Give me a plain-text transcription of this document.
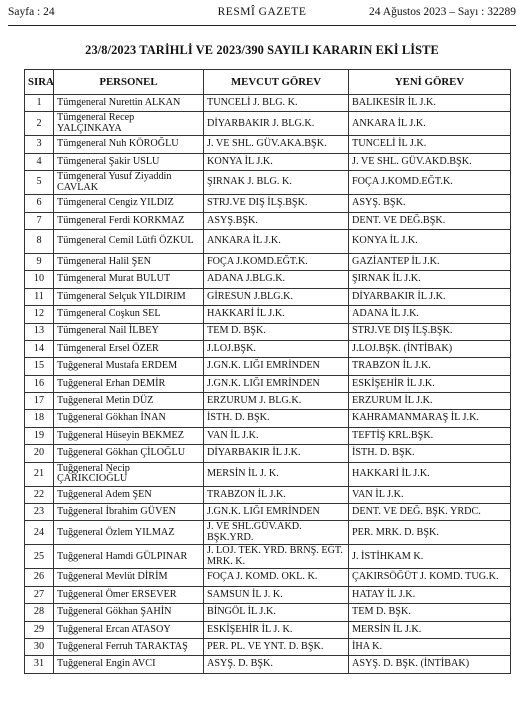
Sayfa : 24	RESMÎ GAZETE	24 Ağustos 2023 – Sayı : 32289
23/8/2023 TARİHLİ VE 2023/390 SAYILI KARARIN EKİ LİSTE
SIRA	PERSONEL	MEVCUT GÖREV	YENİ GÖREV
1	Tümgeneral Nurettin ALKAN	TUNCELİ J. BLG. K.	BALIKESİR İL J.K.
2	Tümgeneral Recep YALÇINKAYA	DİYARBAKIR J. BLG.K.	ANKARA İL J.K.
3	Tümgeneral Nuh KÖROĞLU	J. VE SHL. GÜV.AKA.BŞK.	TUNCELİ İL J.K.
4	Tümgeneral Şakir USLU	KONYA İL J.K.	J. VE SHL. GÜV.AKD.BŞK.
5	Tümgeneral Yusuf Ziyaddin CAVLAK	ŞIRNAK J. BLG. K.	FOÇA J.KOMD.EĞT.K.
6	Tümgeneral Cengiz YILDIZ	STRJ.VE DIŞ İLŞ.BŞK.	ASYŞ. BŞK.
7	Tümgeneral Ferdi KORKMAZ	ASYŞ.BŞK.	DENT. VE DEĞ.BŞK.
8	Tümgeneral Cemil Lütfi ÖZKUL	ANKARA İL J.K.	KONYA İL J.K.
9	Tümgeneral Halil ŞEN	FOÇA J.KOMD.EĞT.K.	GAZİANTEP İL J.K.
10	Tümgeneral Murat BULUT	ADANA J.BLG.K.	ŞIRNAK İL J.K.
11	Tümgeneral Selçuk YILDIRIM	GİRESUN J.BLG.K.	DİYARBAKIR İL J.K.
12	Tümgeneral Coşkun SEL	HAKKARİ İL J.K.	ADANA İL J.K.
13	Tümgeneral Nail İLBEY	TEM D. BŞK.	STRJ.VE DIŞ İLŞ.BŞK.
14	Tümgeneral Ersel ÖZER	J.LOJ.BŞK.	J.LOJ.BŞK. (İNTİBAK)
15	Tuğgeneral Mustafa ERDEM	J.GN.K. LIĞI EMRİNDEN	TRABZON İL J.K.
16	Tuğgeneral Erhan DEMİR	J.GN.K. LIĞI EMRİNDEN	ESKİŞEHİR İL J.K.
17	Tuğgeneral Metin DÜZ	ERZURUM J. BLG.K.	ERZURUM İL J.K.
18	Tuğgeneral Gökhan İNAN	İSTH. D. BŞK.	KAHRAMANMARAŞ İL J.K.
19	Tuğgeneral Hüseyin BEKMEZ	VAN İL J.K.	TEFTİŞ KRL.BŞK.
20	Tuğgeneral Gökhan ÇİLOĞLU	DİYARBAKIR İL J.K.	İSTH. D. BŞK.
21	Tuğgeneral Necip ÇARIKCIOĞLU	MERSİN İL J. K.	HAKKARİ İL J.K.
22	Tuğgeneral Adem ŞEN	TRABZON İL J.K.	VAN İL J.K.
23	Tuğgeneral İbrahim GÜVEN	J.GN.K. LIĞI EMRİNDEN	DENT. VE DEĞ. BŞK. YRDC.
24	Tuğgeneral Özlem YILMAZ	J. VE SHL.GÜV.AKD. BŞK.YRD.	PER. MRK. D. BŞK.
25	Tuğgeneral Hamdi GÜLPINAR	J. LOJ. TEK. YRD. BRNŞ. EĞT. MRK. K.	J. İSTİHKAM K.
26	Tuğgeneral Mevlüt DİRİM	FOÇA J. KOMD. OKL. K.	ÇAKIRSÖĞÜT J. KOMD. TUG.K.
27	Tuğgeneral Ömer ERSEVER	SAMSUN İL J. K.	HATAY İL J.K.
28	Tuğgeneral Gökhan ŞAHİN	BİNGÖL İL J.K.	TEM D. BŞK.
29	Tuğgeneral Ercan ATASOY	ESKİŞEHİR İL J. K.	MERSİN İL J.K.
30	Tuğgeneral Ferruh TARAKTAŞ	PER. PL. VE YNT. D. BŞK.	İHA K.
31	Tuğgeneral Engin AVCI	ASYŞ. D. BŞK.	ASYŞ. D. BŞK. (İNTİBAK)
